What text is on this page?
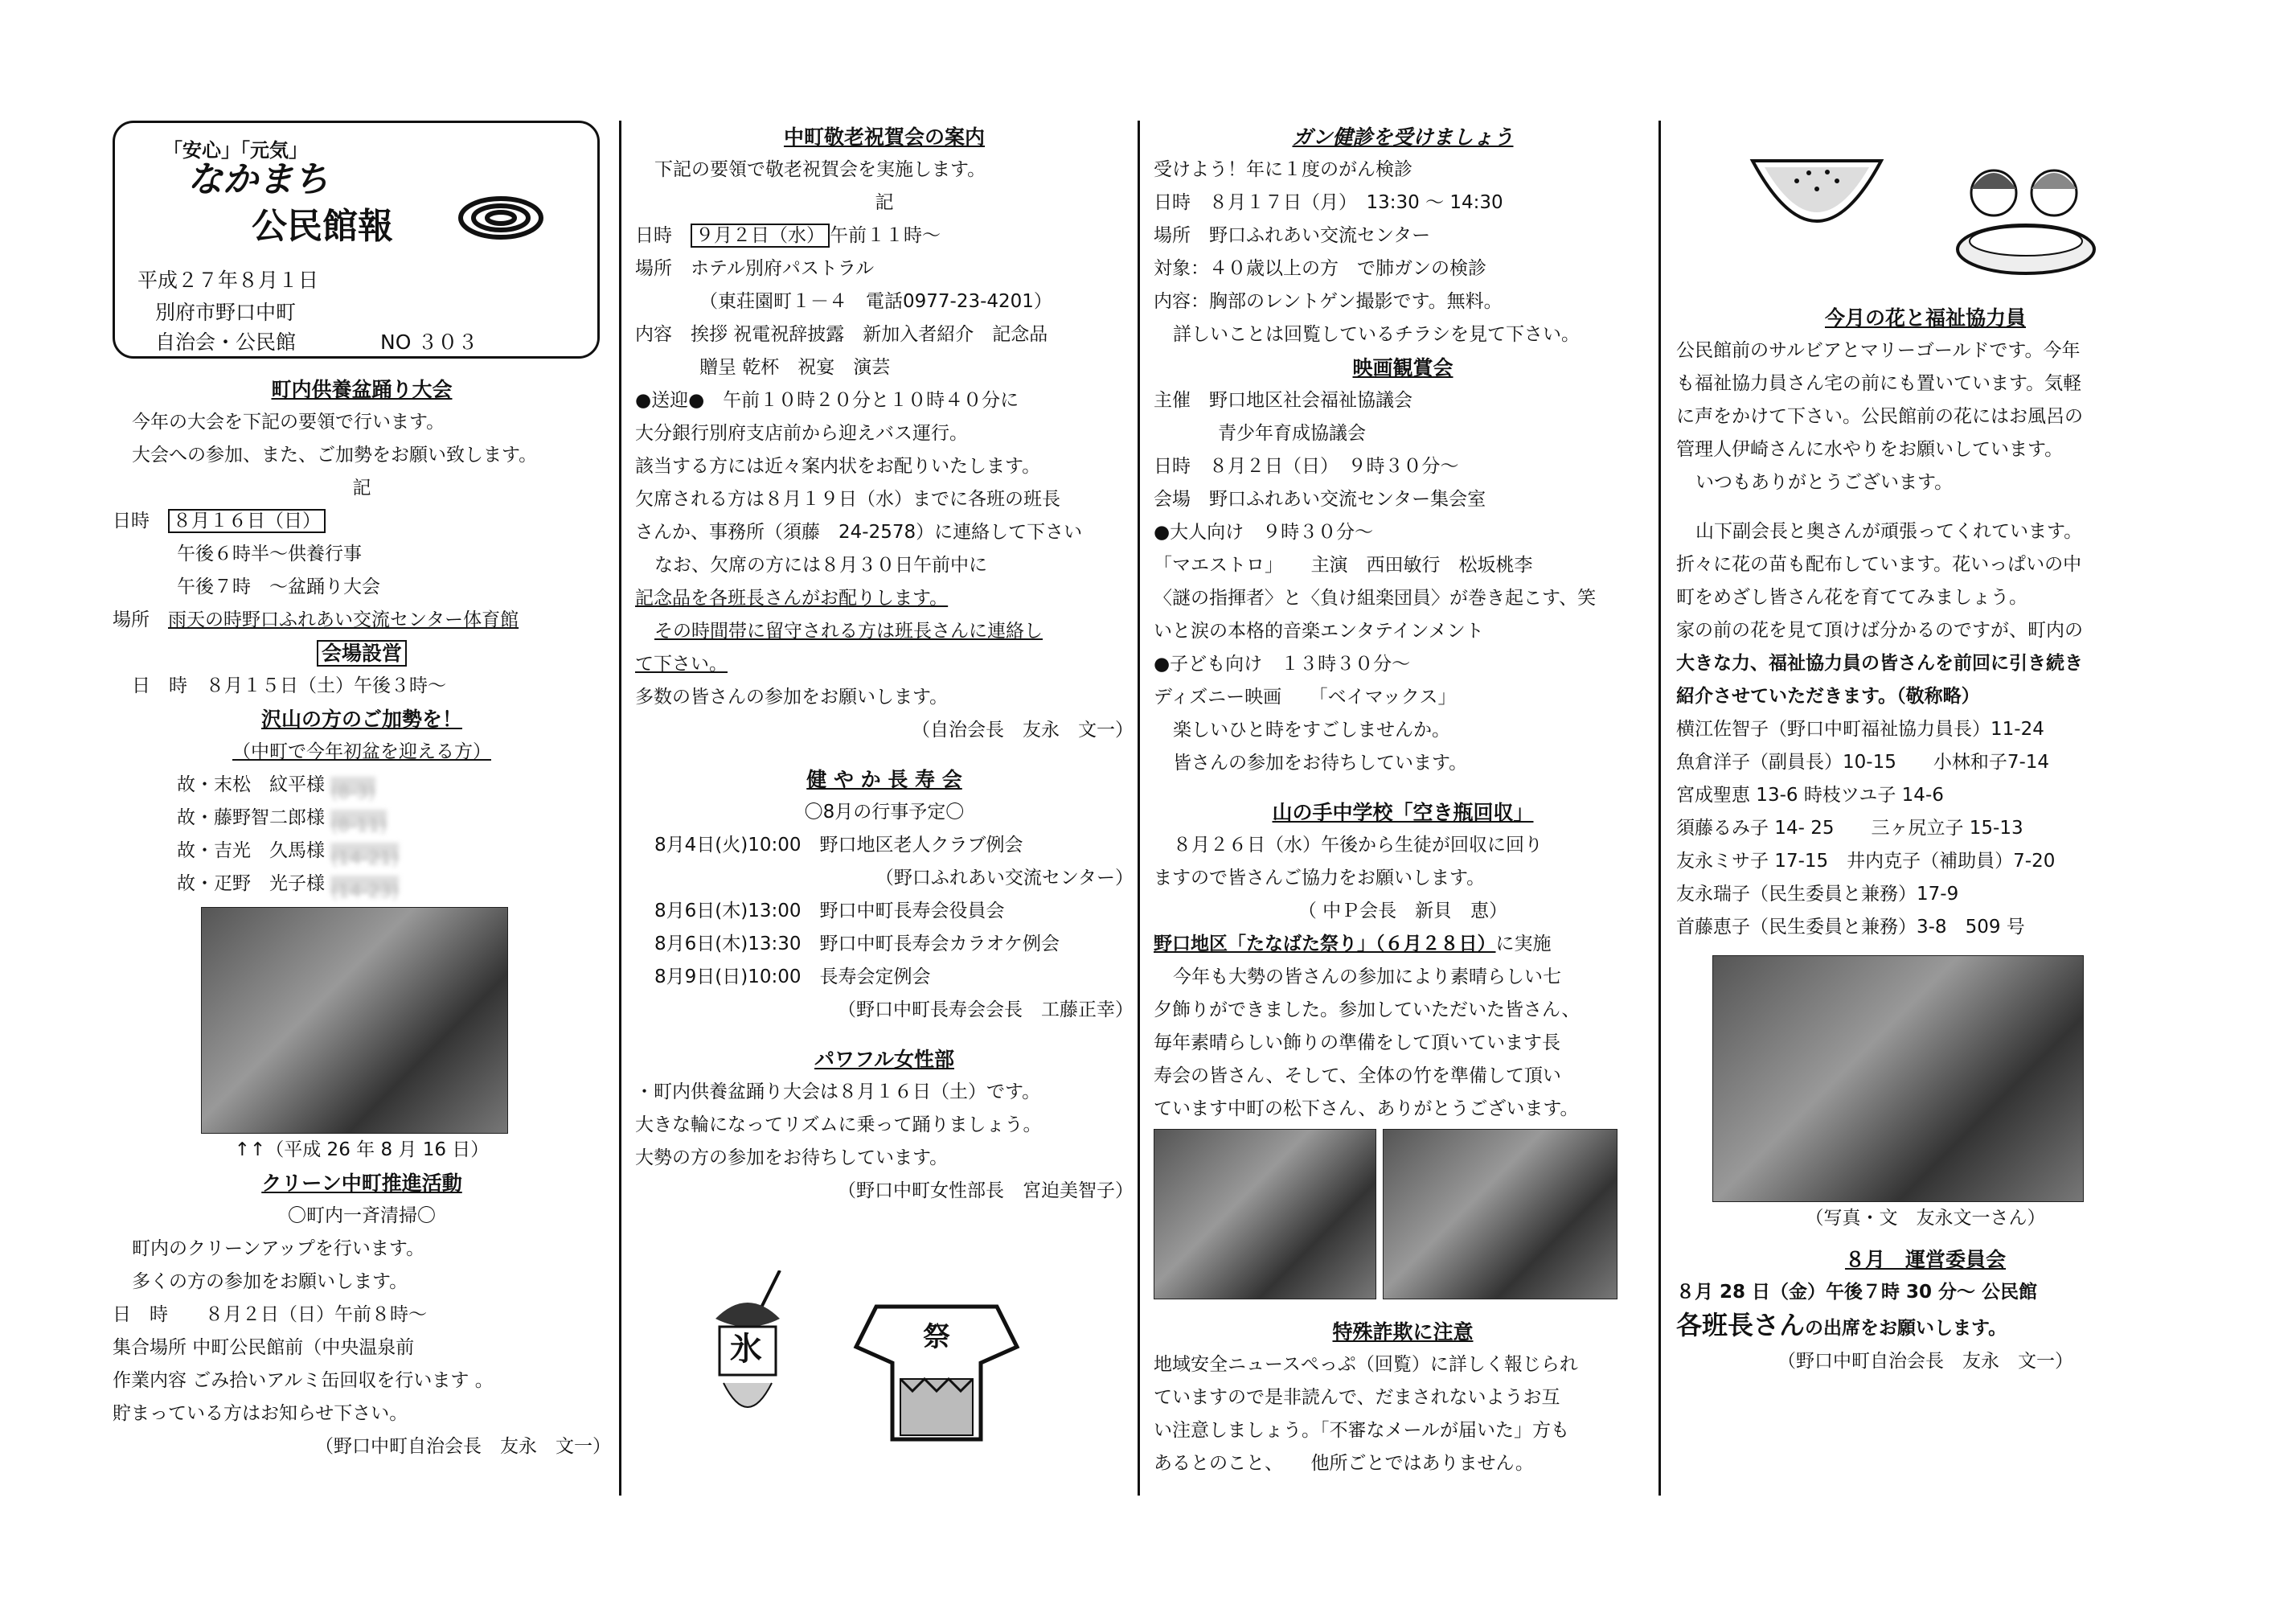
「安心」「元気」
なかまち
公民館報
平成２７年８月１日
別府市野口中町
自治会・公民館	NO ３０３

町内供養盆踊り大会

今年の大会を下記の要領で行います。

大会への参加、また、ご加勢をお願い致します。

記

日時　 ８月１６日（日）

午後６時半～供養行事

午後７時　～盆踊り大会

場所　 雨天の時野口ふれあい交流センター体育館

会場設営

日　時　８月１５日（土）午後３時～

沢山の方のご加勢を！

（中町で今年初盆を迎える方）

故・末松　紋平様 (8-3)

故・藤野智二郎様 (8-11)

故・吉光　久馬様 (14-21)

故・疋野　光子様 (14-23)

↑↑（平成 26 年 8 月 16 日）

クリーン中町推進活動

〇町内一斉清掃〇

町内のクリーンアップを行います。

多くの方の参加をお願いします。

日　時　　８月２日（日）午前８時～

集合場所 中町公民館前（中央温泉前

作業内容 ごみ拾いアルミ缶回収を行います 。

貯まっている方はお知らせ下さい。

（野口中町自治会長　友永　文一）

中町敬老祝賀会の案内

下記の要領で敬老祝賀会を実施します。

記

日時　 ９月２日（水） 午前１１時～

場所　ホテル別府パストラル

（東荘園町１－４　電話0977-23-4201）

内容　挨拶 祝電祝辞披露　新加入者紹介　記念品

贈呈 乾杯　祝宴　演芸

●送迎●　午前１０時２０分と１０時４０分に

大分銀行別府支店前から迎えバス運行。

該当する方には近々案内状をお配りいたします。

欠席される方は８月１９日（水）までに各班の班長

さんか、事務所（須藤　24-2578）に連絡して下さい

なお、欠席の方には８月３０日午前中に

記念品を各班長さんがお配りします。

その時間帯に留守される方は班長さんに連絡し

て下さい。

多数の皆さんの参加をお願いします。

（自治会長　友永　文一）

健 や か 長 寿 会

〇8月の行事予定〇

8月4日(火)10:00　野口地区老人クラブ例会

（野口ふれあい交流センター）

8月6日(木)13:00　野口中町長寿会役員会

8月6日(木)13:30　野口中町長寿会カラオケ例会

8月9日(日)10:00　長寿会定例会

（野口中町長寿会会長　工藤正幸）

パワフル女性部

・町内供養盆踊り大会は８月１６日（土）です。

大きな輪になってリズムに乗って踊りましょう。

大勢の方の参加をお待ちしています。

（野口中町女性部長　宮迫美智子）

氷	祭

ガン健診を受けましょう

受けよう！年に１度のがん検診

日時　８月１７日（月）　13:30 ～ 14:30

場所　野口ふれあい交流センター

対象：４０歳以上の方　で肺ガンの検診

内容：胸部のレントゲン撮影です。無料。

詳しいことは回覧しているチラシを見て下さい。

映画観賞会

主催　野口地区社会福祉協議会

青少年育成協議会

日時　８月２日（日）　９時３０分～

会場　野口ふれあい交流センター集会室

●大人向け　９時３０分～

「マエストロ」　　主演　西田敏行　松坂桃李

〈謎の指揮者〉と〈負け組楽団員〉が巻き起こす、笑

いと涙の本格的音楽エンタテインメント

●子ども向け　１３時３０分～

ディズニー映画　　「ベイマックス」

楽しいひと時をすごしませんか。

皆さんの参加をお待ちしています。

山の手中学校「空き瓶回収」

８月２６日（水）午後から生徒が回収に回り

ますので皆さんご協力をお願いします。

（ 中Ｐ会長　新貝　恵）

野口地区「たなばた祭り」（６月２８日）に実施

今年も大勢の皆さんの参加により素晴らしい七

夕飾りができました。参加していただいた皆さん、

毎年素晴らしい飾りの準備をして頂いています長

寿会の皆さん、そして、全体の竹を準備して頂い

ています中町の松下さん、ありがとうございます。

特殊詐欺に注意

地域安全ニュースぺっぷ（回覧）に詳しく報じられ

ていますので是非読んで、だまされないようお互

い注意しましょう。「不審なメールが届いた」方も

あるとのこと、　　他所ごとではありません。

今月の花と福祉協力員

公民館前のサルビアとマリーゴールドです。今年

も福祉協力員さん宅の前にも置いています。気軽

に声をかけて下さい。公民館前の花にはお風呂の

管理人伊崎さんに水やりをお願いしています。

いつもありがとうございます。

山下副会長と奥さんが頑張ってくれています。

折々に花の苗も配布しています。花いっぱいの中

町をめざし皆さん花を育ててみましょう。

家の前の花を見て頂けば分かるのですが、町内の

大きな力、福祉協力員の皆さんを前回に引き続き

紹介させていただきます。（敬称略）

横江佐智子（野口中町福祉協力員長）11-24

魚倉洋子（副員長）10-15　　小林和子7-14

宮成聖恵 13-6 時枝ツユ子 14-6

須藤るみ子 14- 25　　三ヶ尻立子 15-13

友永ミサ子 17-15　井内克子（補助員）7-20

友永瑞子（民生委員と兼務）17-9

首藤恵子（民生委員と兼務）3-8　509 号

（写真・文　友永文一さん）

８月　運営委員会

８月 28 日（金）午後７時 30 分～ 公民館

各班長さんの出席をお願いします。

（野口中町自治会長　友永　文一）
